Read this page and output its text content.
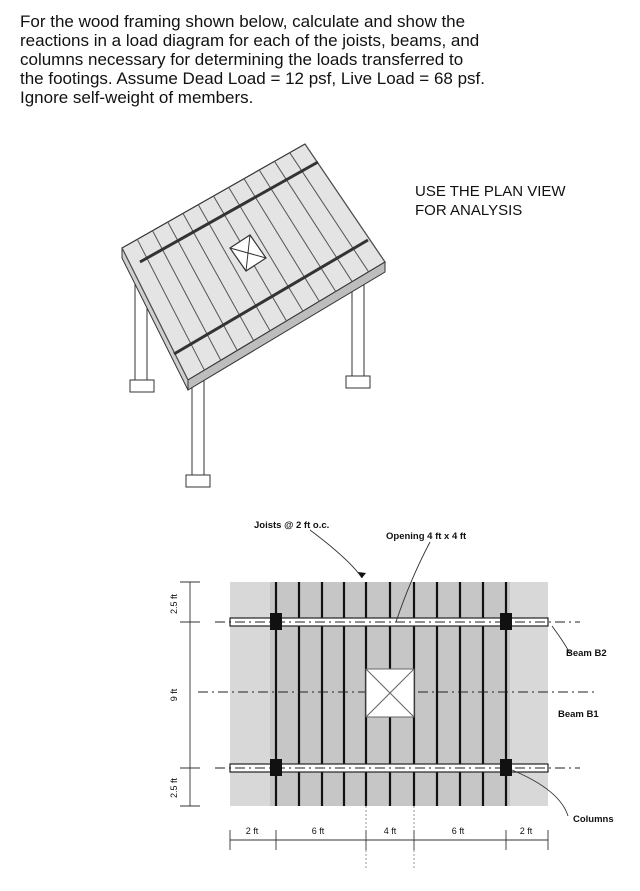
For the wood framing shown below, calculate and show the
reactions in a load diagram for each of the joists, beams, and
columns necessary for determining the loads transferred to
the footings. Assume Dead Load = 12 psf, Live Load = 68 psf.
Ignore self-weight of members.
USE THE PLAN VIEW
FOR ANALYSIS
Joists @ 2 ft o.c.
Opening 4 ft x 4 ft
Beam B2
Beam B1
Columns
2.5 ft
9 ft
2.5 ft
2 ft	6 ft	4 ft	6 ft	2 ft
